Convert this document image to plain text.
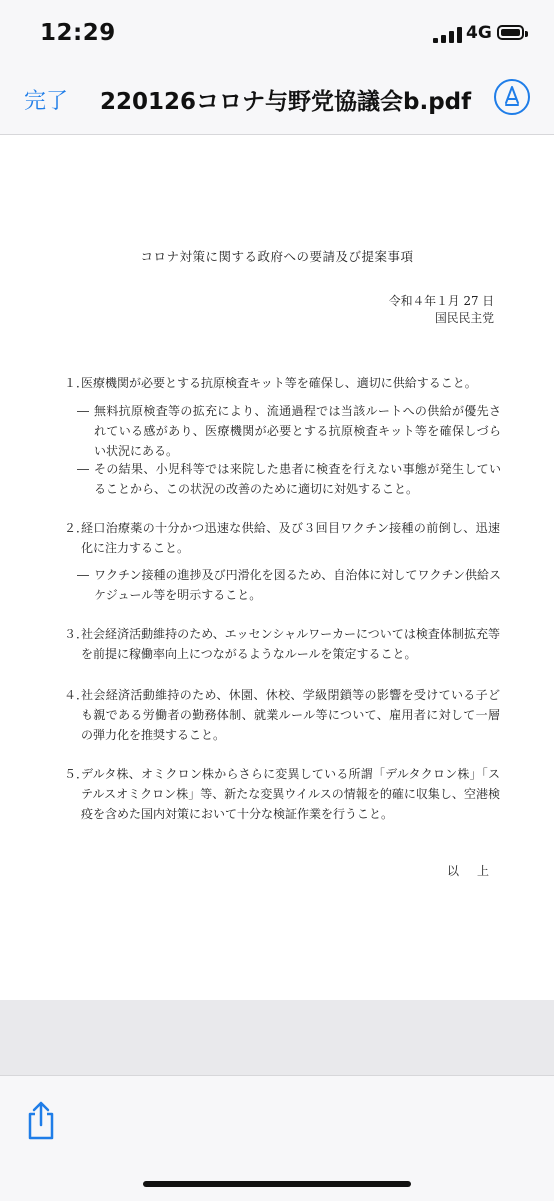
12:29	4G
完了 220126コロナ与野党協議会b.pdf
コロナ対策に関する政府への要請及び提案事項
令和４年１月 27 日
国民民主党
１．
医療機関が必要とする抗原検査キット等を確保し、適切に供給すること。
― 無料抗原検査等の拡充により、流通過程では当該ルートへの供給が優先されている感があり、医療機関が必要とする抗原検査キット等を確保しづらい状況にある。
― その結果、小児科等では来院した患者に検査を行えない事態が発生していることから、この状況の改善のために適切に対処すること。
２．
経口治療薬の十分かつ迅速な供給、及び３回目ワクチン接種の前倒し、迅速化に注力すること。
― ワクチン接種の進捗及び円滑化を図るため、自治体に対してワクチン供給スケジュール等を明示すること。
３．
社会経済活動維持のため、エッセンシャルワーカーについては検査体制拡充等を前提に稼働率向上につながるようなルールを策定すること。
４．
社会経済活動維持のため、休園、休校、学級閉鎖等の影響を受けている子ども親である労働者の勤務体制、就業ルール等について、雇用者に対して一層の弾力化を推奨すること。
５．
デルタ株、オミクロン株からさらに変異している所謂「デルタクロン株」「ステルスオミクロン株」等、新たな変異ウイルスの情報を的確に収集し、空港検疫を含めた国内対策において十分な検証作業を行うこと。
以上
